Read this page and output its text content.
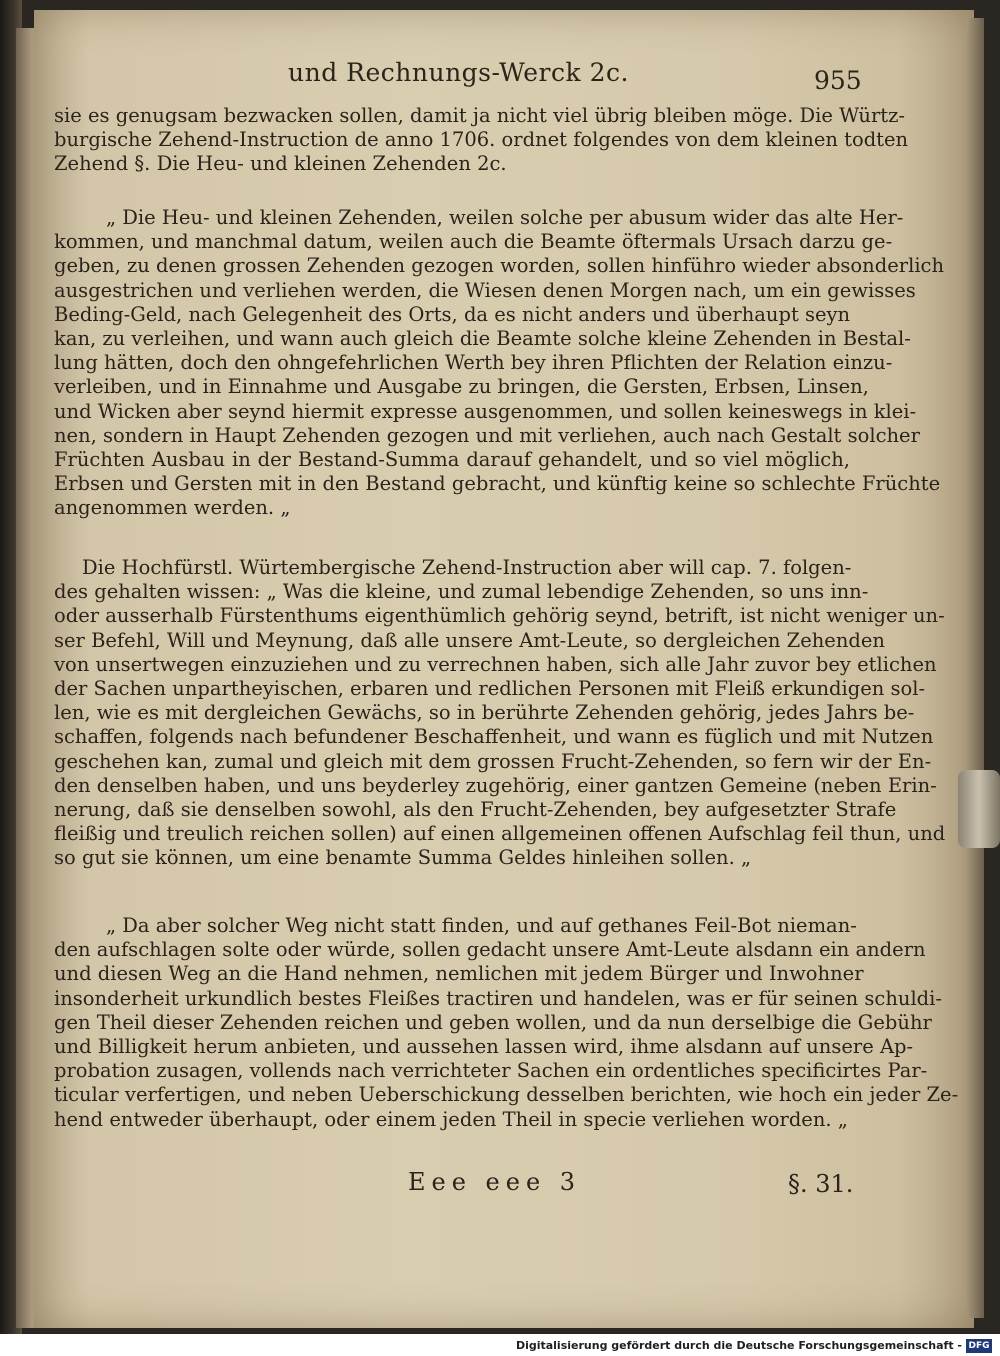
und Rechnungs-Werck 2c.	955
sie es genugsam bezwacken sollen, damit ja nicht viel übrig bleiben möge. Die Würtz-
burgische Zehend-Instruction de anno 1706. ordnet folgendes von dem kleinen todten
Zehend §. Die Heu- und kleinen Zehenden 2c.
„ Die Heu- und kleinen Zehenden, weilen solche per abusum wider das alte Her-
kommen, und manchmal datum, weilen auch die Beamte öftermals Ursach darzu ge-
geben, zu denen grossen Zehenden gezogen worden, sollen hinführo wieder absonderlich
ausgestrichen und verliehen werden, die Wiesen denen Morgen nach, um ein gewisses
Beding-Geld, nach Gelegenheit des Orts, da es nicht anders und überhaupt seyn
kan, zu verleihen, und wann auch gleich die Beamte solche kleine Zehenden in Bestal-
lung hätten, doch den ohngefehrlichen Werth bey ihren Pflichten der Relation einzu-
verleiben, und in Einnahme und Ausgabe zu bringen, die Gersten, Erbsen, Linsen,
und Wicken aber seynd hiermit expresse ausgenommen, und sollen keineswegs in klei-
nen, sondern in Haupt Zehenden gezogen und mit verliehen, auch nach Gestalt solcher
Früchten Ausbau in der Bestand-Summa darauf gehandelt, und so viel möglich,
Erbsen und Gersten mit in den Bestand gebracht, und künftig keine so schlechte Früchte
angenommen werden. „
Die Hochfürstl. Würtembergische Zehend-Instruction aber will cap. 7. folgen-
des gehalten wissen: „ Was die kleine, und zumal lebendige Zehenden, so uns inn-
oder ausserhalb Fürstenthums eigenthümlich gehörig seynd, betrift, ist nicht weniger un-
ser Befehl, Will und Meynung, daß alle unsere Amt-Leute, so dergleichen Zehenden
von unsertwegen einzuziehen und zu verrechnen haben, sich alle Jahr zuvor bey etlichen
der Sachen unpartheyischen, erbaren und redlichen Personen mit Fleiß erkundigen sol-
len, wie es mit dergleichen Gewächs, so in berührte Zehenden gehörig, jedes Jahrs be-
schaffen, folgends nach befundener Beschaffenheit, und wann es füglich und mit Nutzen
geschehen kan, zumal und gleich mit dem grossen Frucht-Zehenden, so fern wir der En-
den denselben haben, und uns beyderley zugehörig, einer gantzen Gemeine (neben Erin-
nerung, daß sie denselben sowohl, als den Frucht-Zehenden, bey aufgesetzter Strafe
fleißig und treulich reichen sollen) auf einen allgemeinen offenen Aufschlag feil thun, und
so gut sie können, um eine benamte Summa Geldes hinleihen sollen. „
„ Da aber solcher Weg nicht statt finden, und auf gethanes Feil-Bot nieman-
den aufschlagen solte oder würde, sollen gedacht unsere Amt-Leute alsdann ein andern
und diesen Weg an die Hand nehmen, nemlichen mit jedem Bürger und Inwohner
insonderheit urkundlich bestes Fleißes tractiren und handelen, was er für seinen schuldi-
gen Theil dieser Zehenden reichen und geben wollen, und da nun derselbige die Gebühr
und Billigkeit herum anbieten, und aussehen lassen wird, ihme alsdann auf unsere Ap-
probation zusagen, vollends nach verrichteter Sachen ein ordentliches specificirtes Par-
ticular verfertigen, und neben Ueberschickung desselben berichten, wie hoch ein jeder Ze-
hend entweder überhaupt, oder einem jeden Theil in specie verliehen worden. „
Eee eee 3	§. 31.
Digitalisierung gefördert durch die Deutsche Forschungsgemeinschaft - DFG
